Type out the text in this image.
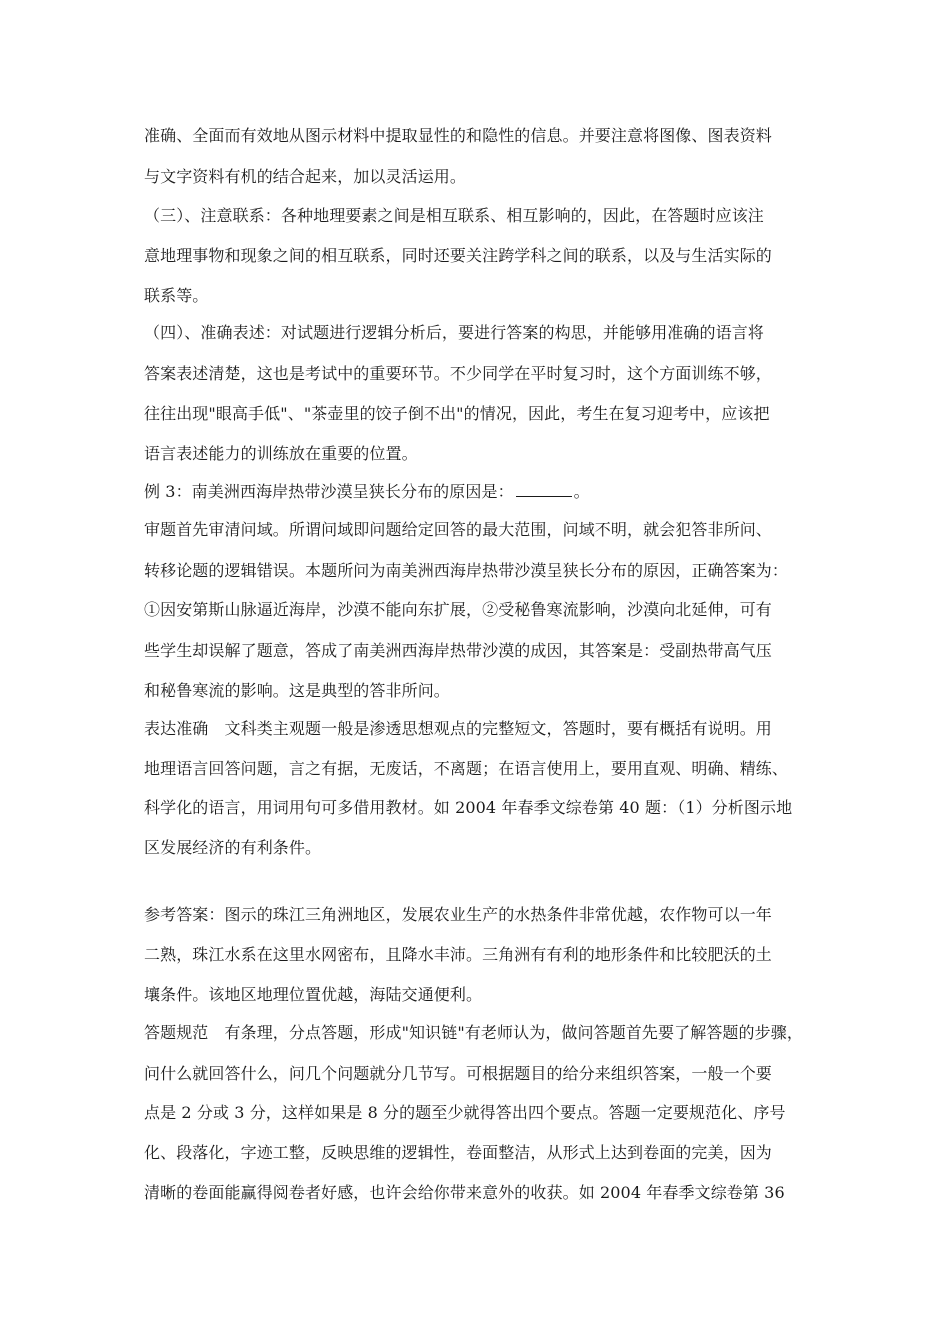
准确、全面而有效地从图示材料中提取显性的和隐性的信息。并要注意将图像、图表资料
与文字资料有机的结合起来，加以灵活运用。
（三）、注意联系：各种地理要素之间是相互联系、相互影响的，因此，在答题时应该注
意地理事物和现象之间的相互联系，同时还要关注跨学科之间的联系，以及与生活实际的
联系等。
（四）、准确表述：对试题进行逻辑分析后，要进行答案的构思，并能够用准确的语言将
答案表述清楚，这也是考试中的重要环节。不少同学在平时复习时，这个方面训练不够，
往往出现"眼高手低"、"茶壶里的饺子倒不出"的情况，因此，考生在复习迎考中，应该把
语言表述能力的训练放在重要的位置。
例 3：南美洲西海岸热带沙漠呈狭长分布的原因是：	。
审题首先审清问域。所谓问域即问题给定回答的最大范围，问域不明，就会犯答非所问、
转移论题的逻辑错误。本题所问为南美洲西海岸热带沙漠呈狭长分布的原因，正确答案为：
①因安第斯山脉逼近海岸，沙漠不能向东扩展，②受秘鲁寒流影响，沙漠向北延伸，可有
些学生却误解了题意，答成了南美洲西海岸热带沙漠的成因，其答案是：受副热带高气压
和秘鲁寒流的影响。这是典型的答非所问。
表达准确　文科类主观题一般是渗透思想观点的完整短文，答题时，要有概括有说明。用
地理语言回答问题，言之有据，无废话，不离题；在语言使用上，要用直观、明确、精练、
科学化的语言，用词用句可多借用教材。如 2004 年春季文综卷第 40 题：（1）分析图示地
区发展经济的有利条件。
参考答案：图示的珠江三角洲地区，发展农业生产的水热条件非常优越，农作物可以一年
二熟，珠江水系在这里水网密布，且降水丰沛。三角洲有有利的地形条件和比较肥沃的土
壤条件。该地区地理位置优越，海陆交通便利。
答题规范　有条理，分点答题，形成"知识链"有老师认为，做问答题首先要了解答题的步骤，
问什么就回答什么，问几个问题就分几节写。可根据题目的给分来组织答案，一般一个要
点是 2 分或 3 分，这样如果是 8 分的题至少就得答出四个要点。答题一定要规范化、序号
化、段落化，字迹工整，反映思维的逻辑性，卷面整洁，从形式上达到卷面的完美，因为
清晰的卷面能赢得阅卷者好感，也许会给你带来意外的收获。如 2004 年春季文综卷第 36
